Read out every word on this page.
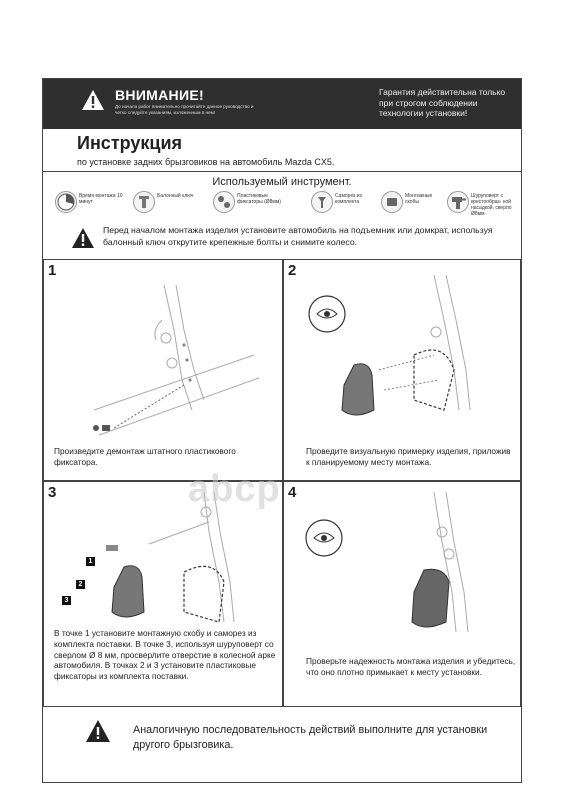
ВНИМАНИЕ!
До начала работ внимательно прочитайте данное руководство и четко следуйте указаниям, изложенным в нем!
Гарантия действительна только при строгом соблюдении технологии установки!
Инструкция
по установке задних брызговиков на автомобиль Mazda CX5.
Используемый инструмент.
Время монтажа 10 минут
Балонный ключ	Пластиковые фиксаторы (Ø8мм)
Саморез из комплекта
Монтажные скобы
Шуруповерт с крестообраз- ной насадкой, сверло Ø8мм
Перед началом монтажа изделия установите автомобиль на подъемник или домкрат, используя балонный ключ открутите крепежные болты и снимите колесо.
1
Произведите демонтаж штатного пластикового фиксатора.
2
Проведите визуальную примерку изделия, приложив к планируемому месту монтажа.
3
1
2
3
В точке 1 установите монтажную скобу и саморез из комплекта поставки. В точке 3, используя шуруповерт со сверлом Ø 8 мм, просверлите отверстие в колесной арке автомобиля. В точках 2 и 3 установите пластиковые фиксаторы из комплекта поставки.
4
Проверьте надежность монтажа изделия и убедитесь, что оно плотно примыкает к месту установки.
Аналогичную последовательность действий выполните для установки другого брызговика.
abcp
